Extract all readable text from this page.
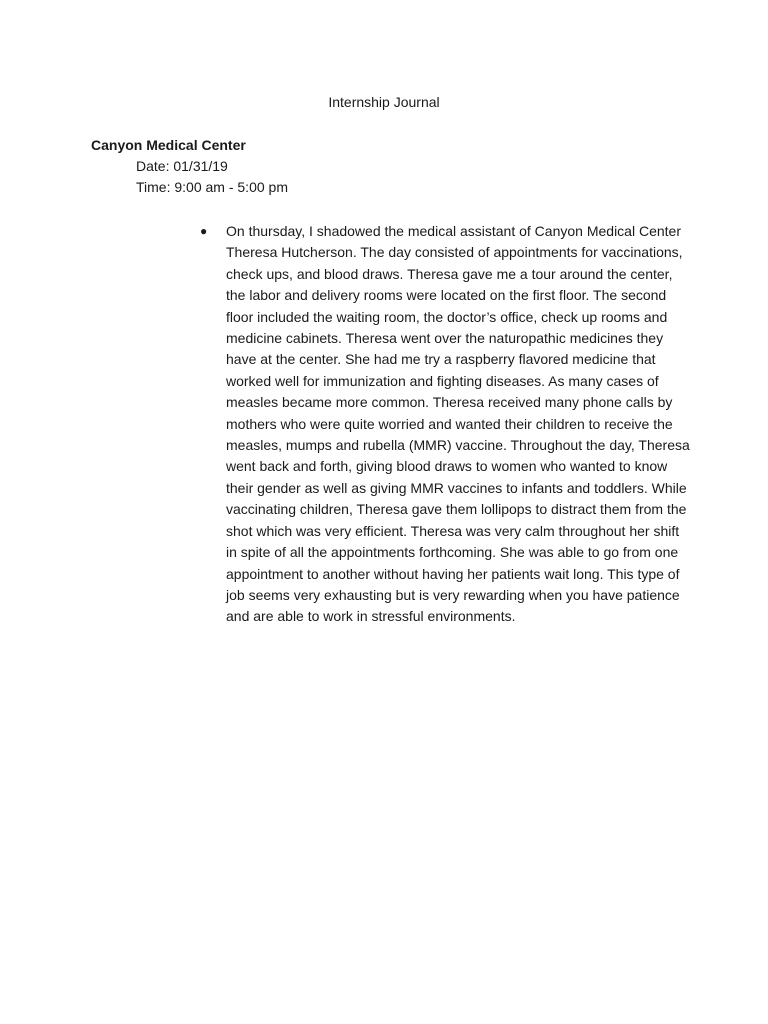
Internship Journal
Canyon Medical Center
Date: 01/31/19
Time: 9:00 am - 5:00 pm
●	On thursday, I shadowed the medical assistant of Canyon Medical Center Theresa Hutcherson. The day consisted of appointments for vaccinations, check ups, and blood draws. Theresa gave me a tour around the center, the labor and delivery rooms were located on the first floor. The second floor included the waiting room, the doctor’s office, check up rooms and medicine cabinets. Theresa went over the naturopathic medicines they have at the center. She had me try a raspberry flavored medicine that worked well for immunization and fighting diseases. As many cases of measles became more common. Theresa received many phone calls by mothers who were quite worried and wanted their children to receive the measles, mumps and rubella (MMR) vaccine. Throughout the day, Theresa went back and forth, giving blood draws to women who wanted to know their gender as well as giving MMR vaccines to infants and toddlers. While vaccinating children, Theresa gave them lollipops to distract them from the shot which was very efficient. Theresa was very calm throughout her shift in spite of all the appointments forthcoming. She was able to go from one appointment to another without having her patients wait long. This type of job seems very exhausting but is very rewarding when you have patience and are able to work in stressful environments.
